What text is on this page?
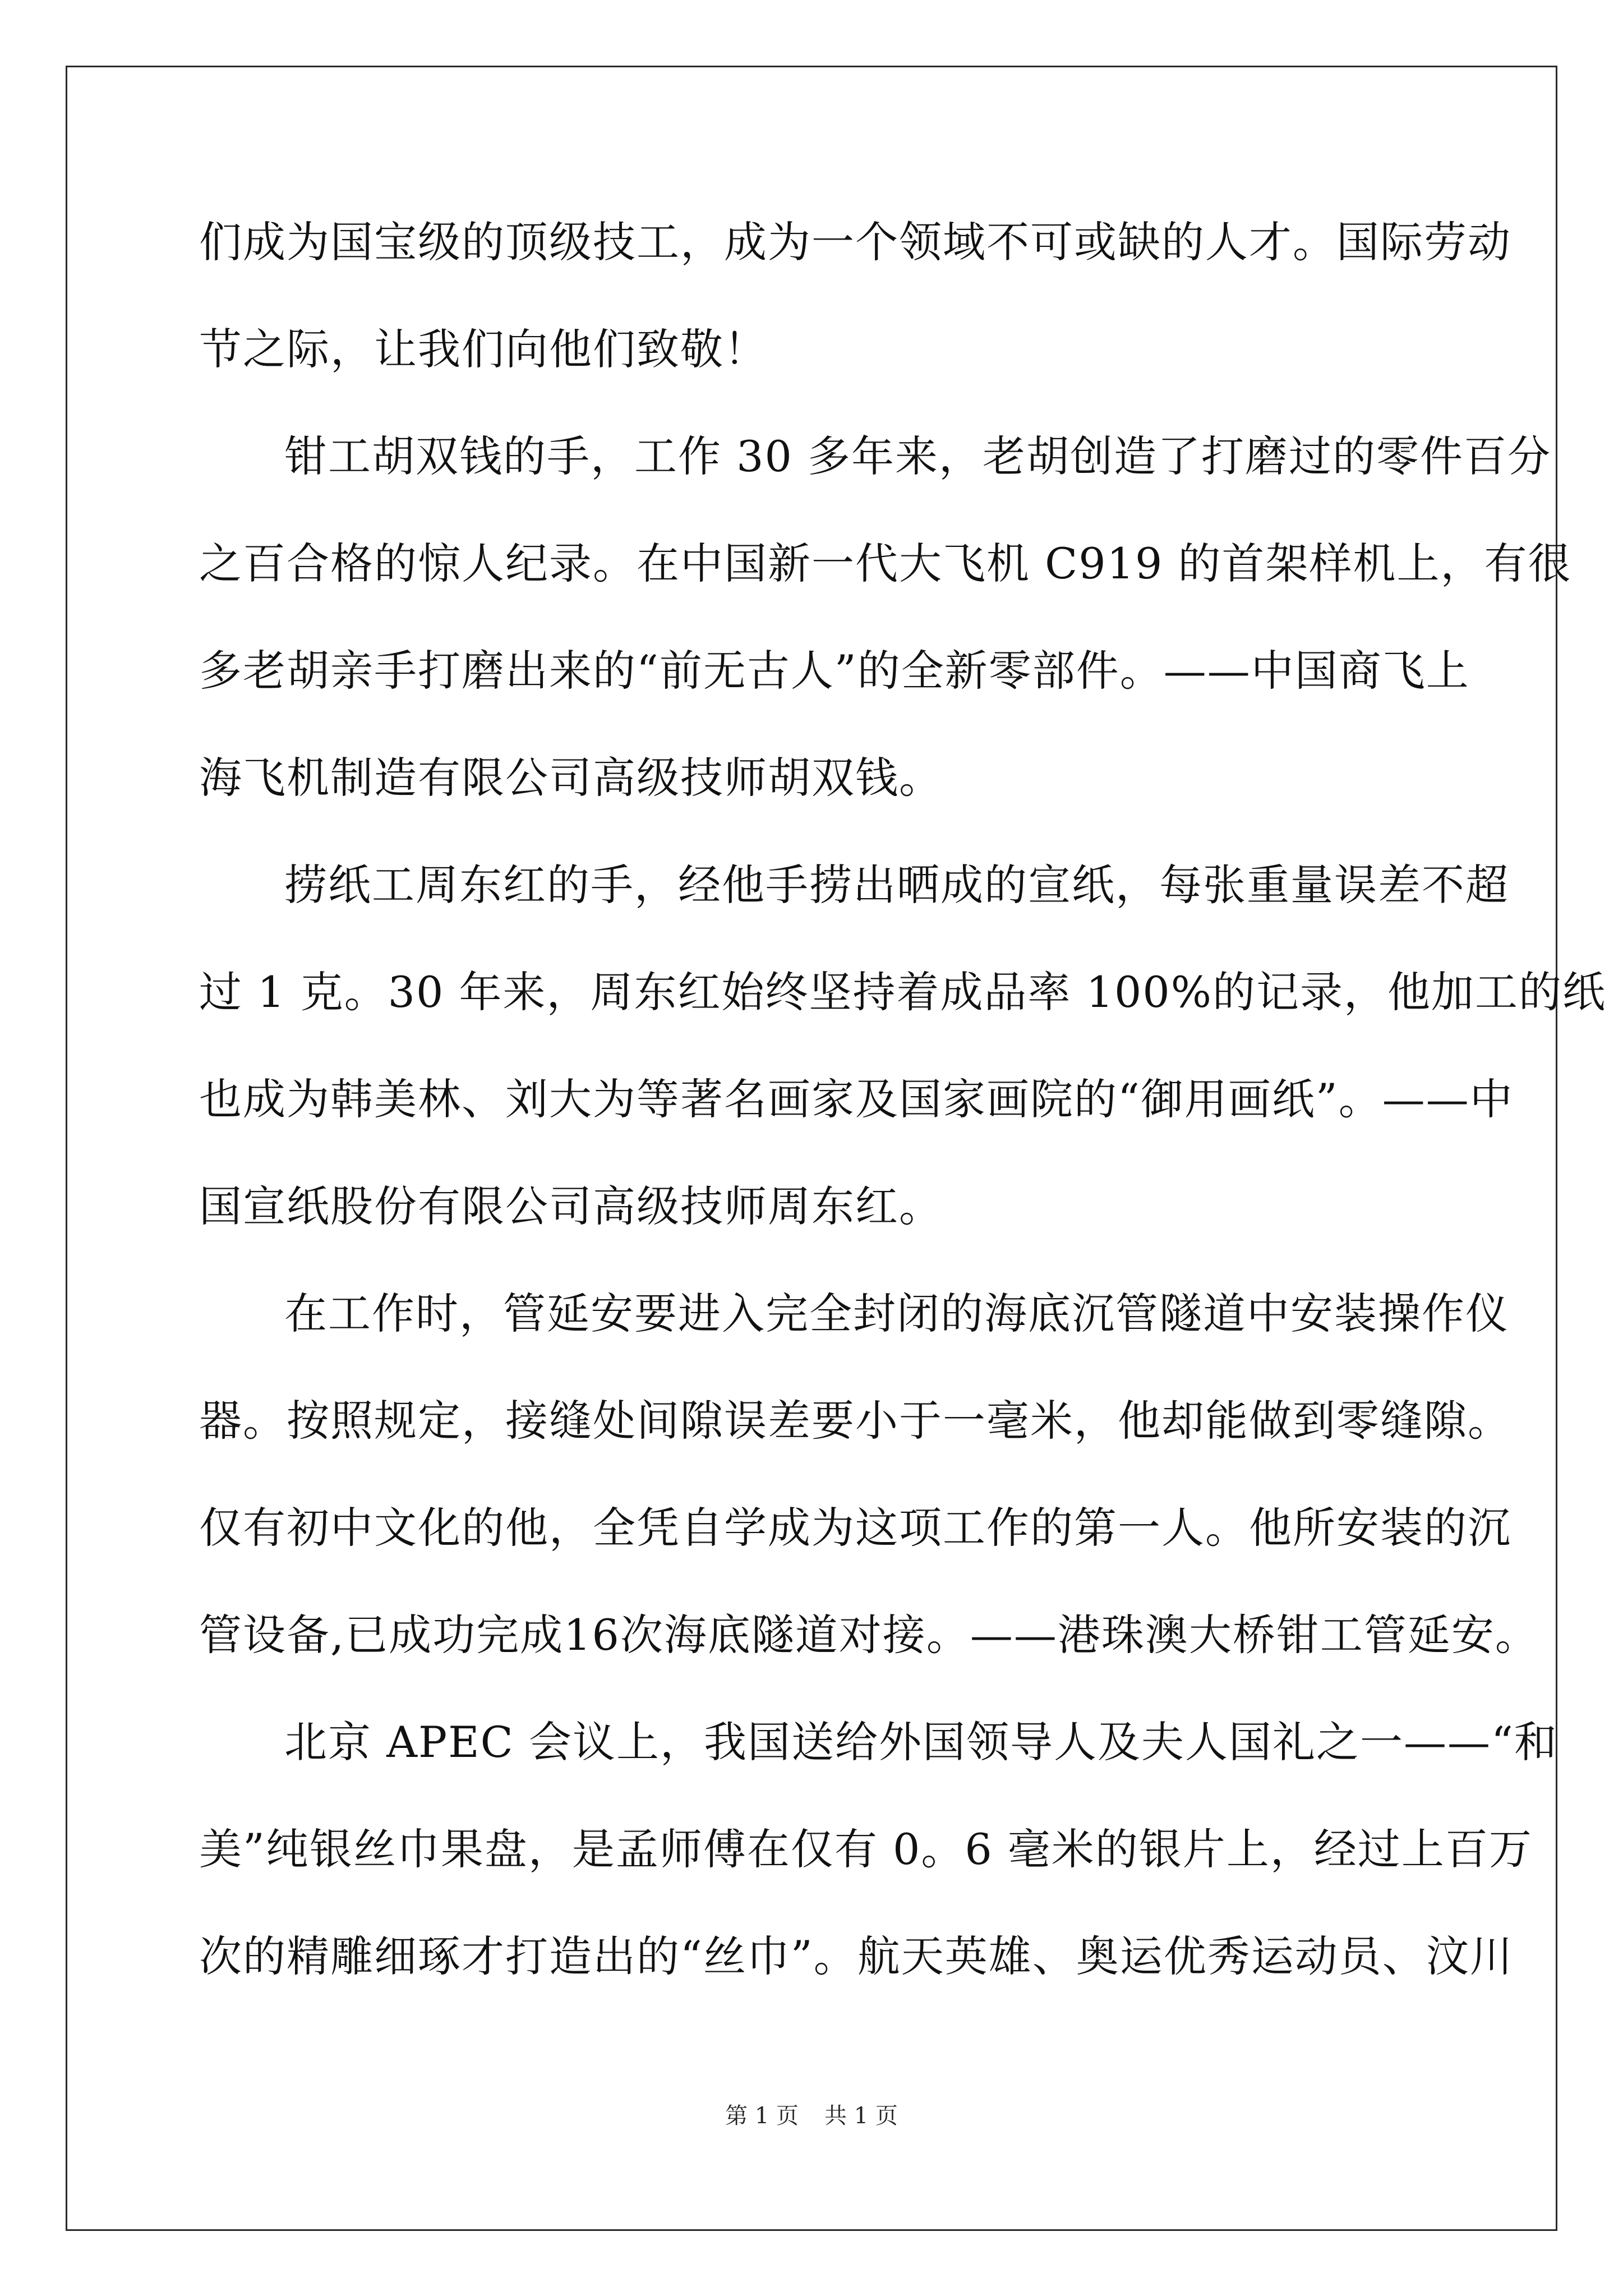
们成为国宝级的顶级技工，成为一个领域不可或缺的人才。国际劳动
节之际，让我们向他们致敬！
钳工胡双钱的手，工作 30 多年来，老胡创造了打磨过的零件百分
之百合格的惊人纪录。在中国新一代大飞机 C919 的首架样机上，有很
多老胡亲手打磨出来的“前无古人”的全新零部件。——中国商飞上
海飞机制造有限公司高级技师胡双钱。
捞纸工周东红的手，经他手捞出晒成的宣纸，每张重量误差不超
过 1 克。30 年来，周东红始终坚持着成品率 100%的记录，他加工的纸
也成为韩美林、刘大为等著名画家及国家画院的“御用画纸”。——中
国宣纸股份有限公司高级技师周东红。
在工作时，管延安要进入完全封闭的海底沉管隧道中安装操作仪
器。按照规定，接缝处间隙误差要小于一毫米，他却能做到零缝隙。
仅有初中文化的他，全凭自学成为这项工作的第一人。他所安装的沉
管设备,已成功完成16次海底隧道对接。——港珠澳大桥钳工管延安。
北京 APEC 会议上，我国送给外国领导人及夫人国礼之一——“和
美”纯银丝巾果盘，是孟师傅在仅有 0。6 毫米的银片上，经过上百万
次的精雕细琢才打造出的“丝巾”。航天英雄、奥运优秀运动员、汶川
第 1 页 共 1 页
